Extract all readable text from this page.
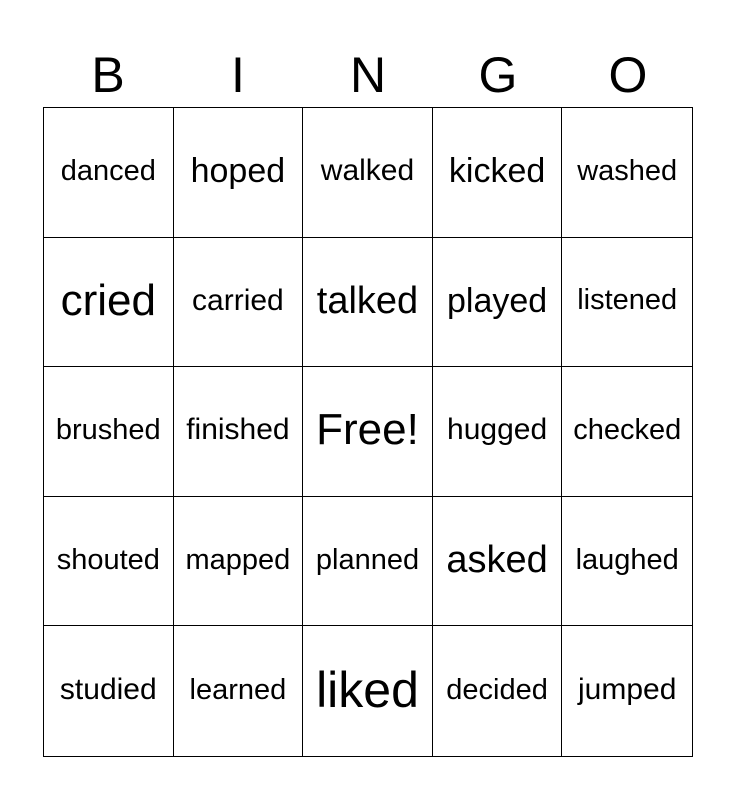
B	I	N	G	O
danced	hoped	walked	kicked	washed
cried	carried talked played	listened
brushed finished Free! hugged checked
shouted mapped planned asked laughed
studied	learned liked decided	jumped
